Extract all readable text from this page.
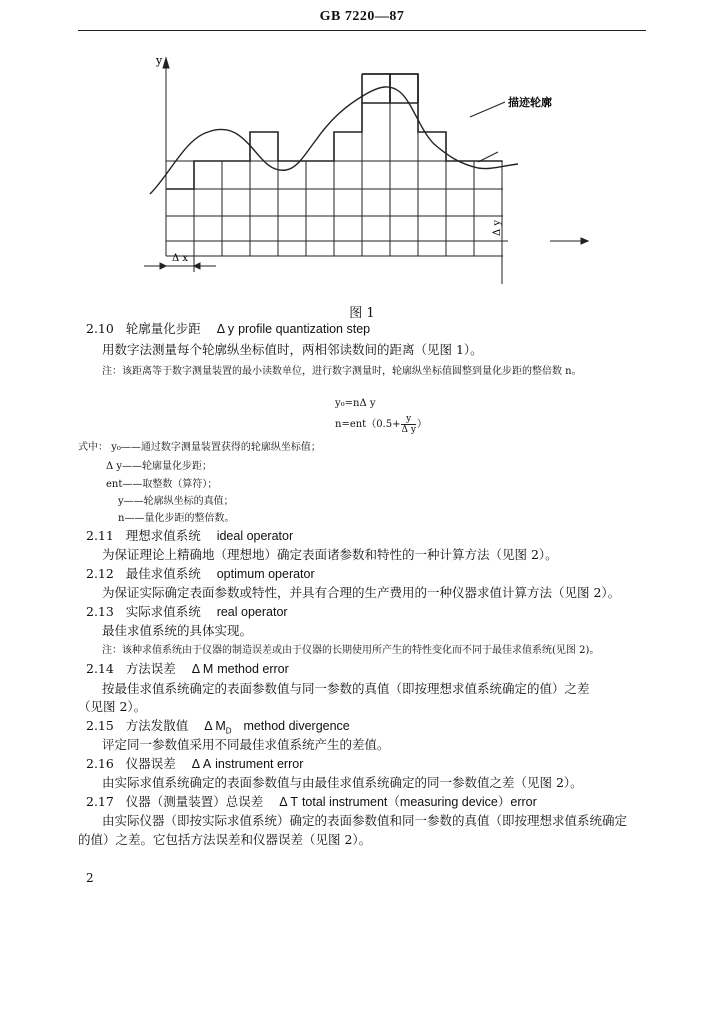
GB 7220—87
y
描迹轮廓
Δ x
Δ y
图 1
2.10 轮廓量化步距 Δ y profile quantization step
用数字法测量每个轮廓纵坐标值时，两相邻读数间的距离（见图 1）。
注：该距离等于数字测量装置的最小读数单位，进行数字测量时，轮廓纵坐标值圆整到量化步距的整倍数 n。
y₀=nΔ y
$n=ent(0.5+ \frac{y}{\text{Δ y}}$ ）
式中： y₀——通过数字测量装置获得的轮廓纵坐标值；
Δ y——轮廓量化步距；
ent——取整数（算符）；
y——轮廓纵坐标的真值；
n——量化步距的整倍数。
2.11 理想求值系统 ideal operator
为保证理论上精确地（理想地）确定表面诸参数和特性的一种计算方法（见图 2）。
2.12 最佳求值系统 optimum operator
为保证实际确定表面参数或特性，并具有合理的生产费用的一种仪器求值计算方法（见图 2）。
2.13 实际求值系统 real operator
最佳求值系统的具体实现。
注：该种求值系统由于仪器的制造误差或由于仪器的长期使用所产生的特性变化而不同于最佳求值系统(见图 2)。
2.14 方法误差 Δ M method error
按最佳求值系统确定的表面参数值与同一参数的真值（即按理想求值系统确定的值）之差
（见图 2）。
2.15 方法发散值 Δ $M_D$ method divergence
评定同一参数值采用不同最佳求值系统产生的差值。
2.16 仪器误差 Δ A instrument error
由实际求值系统确定的表面参数值与由最佳求值系统确定的同一参数值之差（见图 2）。
2.17 仪器（测量装置）总误差 Δ T total instrument（measuring device）error
由实际仪器（即按实际求值系统）确定的表面参数值和同一参数的真值（即按理想求值系统确定
的值）之差。它包括方法误差和仪器误差（见图 2）。
2
